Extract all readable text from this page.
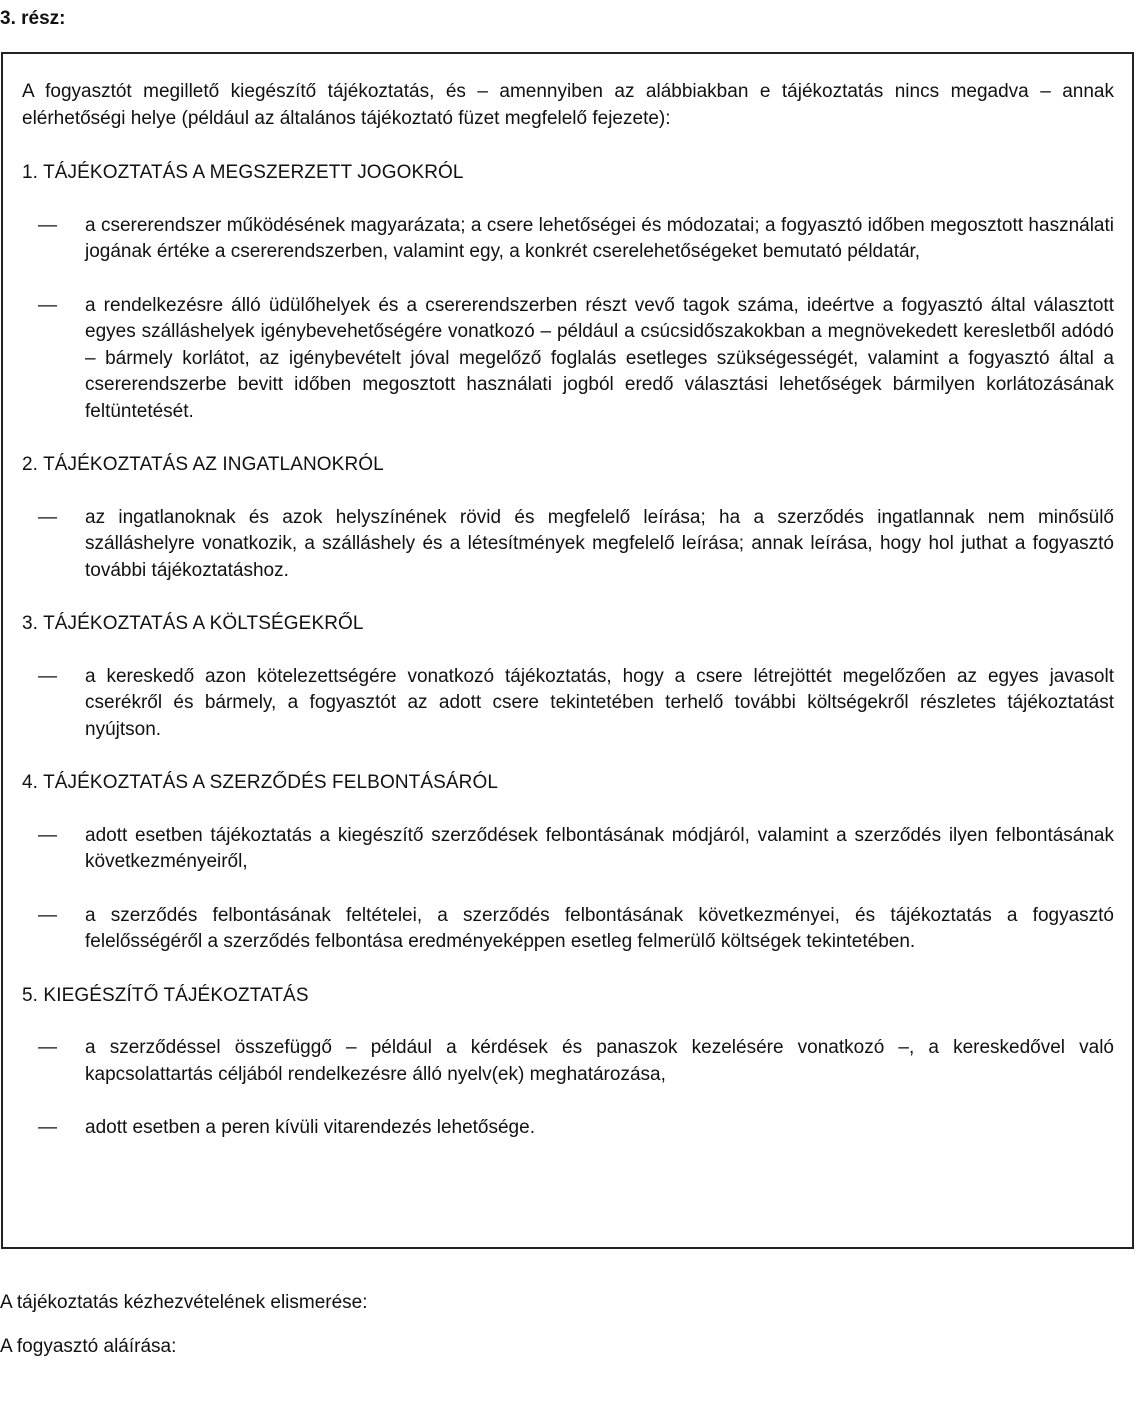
3. rész:

A fogyasztót megillető kiegészítő tájékoztatás, és – amennyiben az alábbiakban e tájékoztatás nincs megadva – annak elérhetőségi helye (például az általános tájékoztató füzet megfelelő fejezete):

1. TÁJÉKOZTATÁS A MEGSZERZETT JOGOKRÓL

—	a csererendszer működésének magyarázata; a csere lehetőségei és módozatai; a fogyasztó időben megosztott használati jogának értéke a csererendszerben, valamint egy, a konkrét cserelehetőségeket bemutató példatár,
—	a rendelkezésre álló üdülőhelyek és a csererendszerben részt vevő tagok száma, ideértve a fogyasztó által választott egyes szálláshelyek igénybevehetőségére vonatkozó – például a csúcsidőszakokban a megnövekedett keresletből adódó – bármely korlátot, az igénybevételt jóval megelőző foglalás esetleges szükségességét, valamint a fogyasztó által a csererendszerbe bevitt időben megosztott használati jogból eredő választási lehetőségek bármilyen korlátozásának feltüntetését.

2. TÁJÉKOZTATÁS AZ INGATLANOKRÓL

—	az ingatlanoknak és azok helyszínének rövid és megfelelő leírása; ha a szerződés ingatlannak nem minősülő szálláshelyre vonatkozik, a szálláshely és a létesítmények megfelelő leírása; annak leírása, hogy hol juthat a fogyasztó további tájékoztatáshoz.

3. TÁJÉKOZTATÁS A KÖLTSÉGEKRŐL

—	a kereskedő azon kötelezettségére vonatkozó tájékoztatás, hogy a csere létrejöttét megelőzően az egyes javasolt cserékről és bármely, a fogyasztót az adott csere tekintetében terhelő további költségekről részletes tájékoztatást nyújtson.

4. TÁJÉKOZTATÁS A SZERZŐDÉS FELBONTÁSÁRÓL

—	adott esetben tájékoztatás a kiegészítő szerződések felbontásának módjáról, valamint a szerződés ilyen felbontásának következményeiről,
—	a szerződés felbontásának feltételei, a szerződés felbontásának következményei, és tájékoztatás a fogyasztó felelősségéről a szerződés felbontása eredményeképpen esetleg felmerülő költségek tekintetében.

5. KIEGÉSZÍTŐ TÁJÉKOZTATÁS

—	a szerződéssel összefüggő – például a kérdések és panaszok kezelésére vonatkozó –, a kereskedővel való kapcsolattartás céljából rendelkezésre álló nyelv(ek) meghatározása,
—	adott esetben a peren kívüli vitarendezés lehetősége.
A tájékoztatás kézhezvételének elismerése:
A fogyasztó aláírása:
